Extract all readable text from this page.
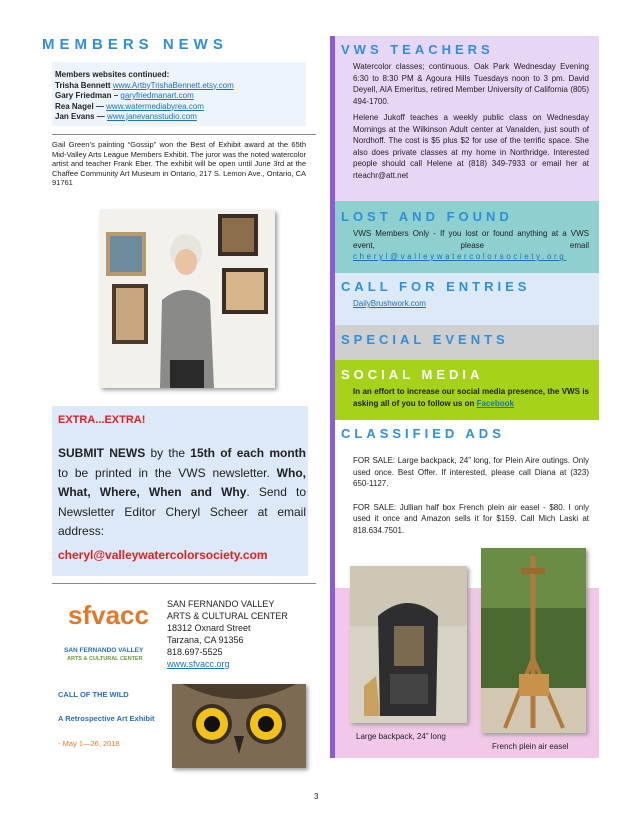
MEMBERS NEWS
Members websites continued:
Trisha Bennett www.ArtbyTrishaBennett.etsy.com
Gary Friedman – garyfriedmanart.com
Rea Nagel — www.watermediabyrea.com
Jan Evans — www.janevansstudio.com
Gail Green’s painting “Gossip” won the Best of Exhibit award at the 65th Mid-Valley Arts League Members Exhibit. The juror was the noted watercolor artist and teacher Frank Eber. The exhibit will be open until June 3rd at the Chaffee Community Art Museum in Ontario, 217 S. Lemon Ave., Ontario, CA 91761
EXTRA...EXTRA!
SUBMIT NEWS by the 15th of each month to be printed in the VWS newsletter. Who, What, Where, When and Why. Send to Newsletter Editor Cheryl Scheer at email address:
cheryl@valleywatercolorsociety.com
sfvacc
SAN FERNANDO VALLEY
ARTS & CULTURAL CENTER
SAN FERNANDO VALLEY
ARTS & CULTURAL CENTER
18312 Oxnard Street
Tarzana, CA 91356
818.697-5525
www.sfvacc.org
CALL OF THE WILD
A Retrospective Art Exhibit
- May 1—26, 2018
VWS TEACHERS
Watercolor classes; continuous. Oak Park Wednesday Evening 6:30 to 8:30 PM & Agoura Hills Tuesdays noon to 3 pm. David Deyell, AIA Emeritus, retired Member University of California (805) 494-1700.
Helene Jukoff teaches a weekly public class on Wednesday Mornings at the Wilkinson Adult center at Vanalden, just south of Nordhoff. The cost is $5 plus $2 for use of the terrific space. She also does private classes at my home in Northridge. Interested people should call Helene at (818) 349-7933 or email her at rteachr@att.net
LOST AND FOUND
VWS Members Only - If you lost or found anything at a VWS event, please email
cheryl@valleywatercolorsociety.org
CALL FOR ENTRIES
DailyBrushwork.com
SPECIAL EVENTS
SOCIAL MEDIA
In an effort to increase our social media presence, the VWS is asking all of you to follow us on Facebook
CLASSIFIED ADS
FOR SALE: Large backpack, 24” long, for Plein Aire outings. Only used once. Best Offer. If interested, please call Diana at (323) 650-1127.
FOR SALE: Jullian half box French plein air easel - $80. I only used it once and Amazon sells it for $159. Call Mich Laski at 818.634.7501.
Large backpack, 24” long
French plein air easel
3
